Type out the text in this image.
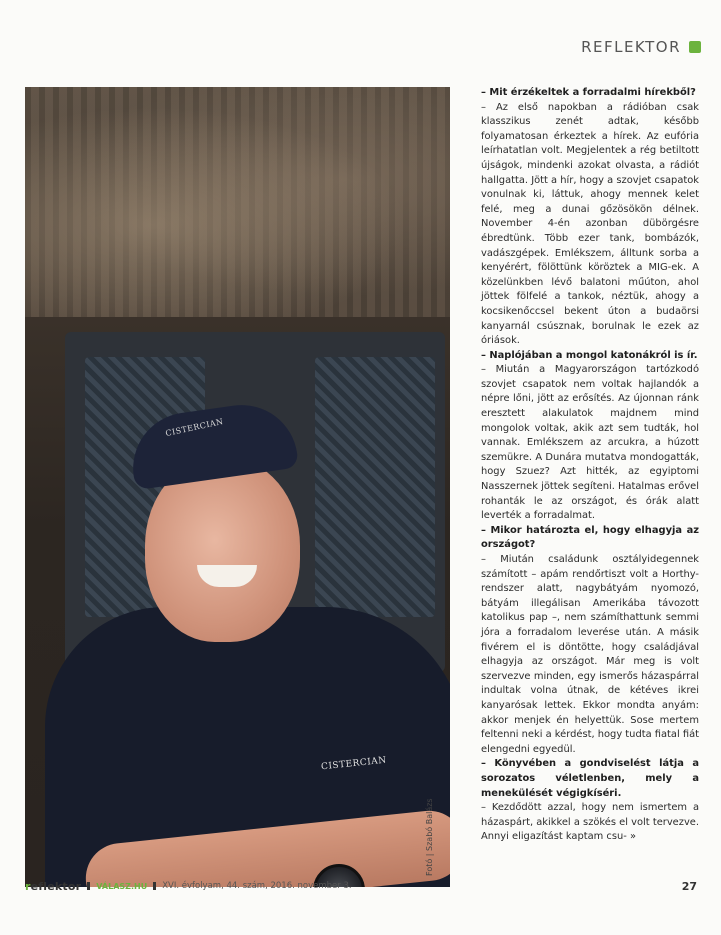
REFLEKTOR
CISTERCIAN
CISTERCIAN
Fotó | Szabó Balázs

– Mit érzékeltek a forradalmi hírekből?

– Az első napokban a rádióban csak klasszikus zenét adtak, később folyamatosan érkeztek a hírek. Az eufória leírhatatlan volt. Megjelentek a rég betiltott újságok, mindenki azokat olvasta, a rádiót hallgatta. Jött a hír, hogy a szovjet csapatok vonulnak ki, láttuk, ahogy mennek kelet felé, meg a dunai gőzösökön délnek. November 4-én azonban dübörgésre ébredtünk. Több ezer tank, bombázók, vadászgépek. Emlékszem, álltunk sorba a kenyérért, fölöttünk köröztek a MIG-ek. A közelünkben lévő balatoni műúton, ahol jöttek fölfelé a tankok, néztük, ahogy a kocsikenőccsel bekent úton a budaörsi kanyarnál csúsznak, borulnak le ezek az óriások.

– Naplójában a mongol katonákról is ír.

– Miután a Magyarországon tartózkodó szovjet csapatok nem voltak hajlandók a népre lőni, jött az erősítés. Az újonnan ránk eresztett alakulatok majdnem mind mongolok voltak, akik azt sem tudták, hol vannak. Emlékszem az arcukra, a húzott szemükre. A Dunára mutatva mondogatták, hogy Szuez? Azt hitték, az egyiptomi Nasszernek jöttek segíteni. Hatalmas erővel rohanták le az országot, és órák alatt leverték a forradalmat.

– Mikor határozta el, hogy elhagyja az országot?

– Miután családunk osztályidegennek számított – apám rendőrtiszt volt a Horthy-rendszer alatt, nagybátyám nyomozó, bátyám illegálisan Amerikába távozott katolikus pap –, nem számíthattunk semmi jóra a forradalom leverése után. A másik fivérem el is döntötte, hogy családjával elhagyja az országot. Már meg is volt szervezve minden, egy ismerős házaspárral indultak volna útnak, de kétéves ikrei kanyarósak lettek. Ekkor mondta anyám: akkor menjek én helyettük. Sose mertem feltenni neki a kérdést, hogy tudta fiatal fiát elengedni egyedül.

– Könyvében a gondviselést látja a sorozatos véletlenben, mely a menekülését végigkíséri.

– Kezdődött azzal, hogy nem ismertem a házaspárt, akikkel a szökés el volt tervezve. Annyi eligazítást kaptam csu- »

reflektor VÁLASZ.HU XVI. évfolyam, 44. szám, 2016. november 3.	27
